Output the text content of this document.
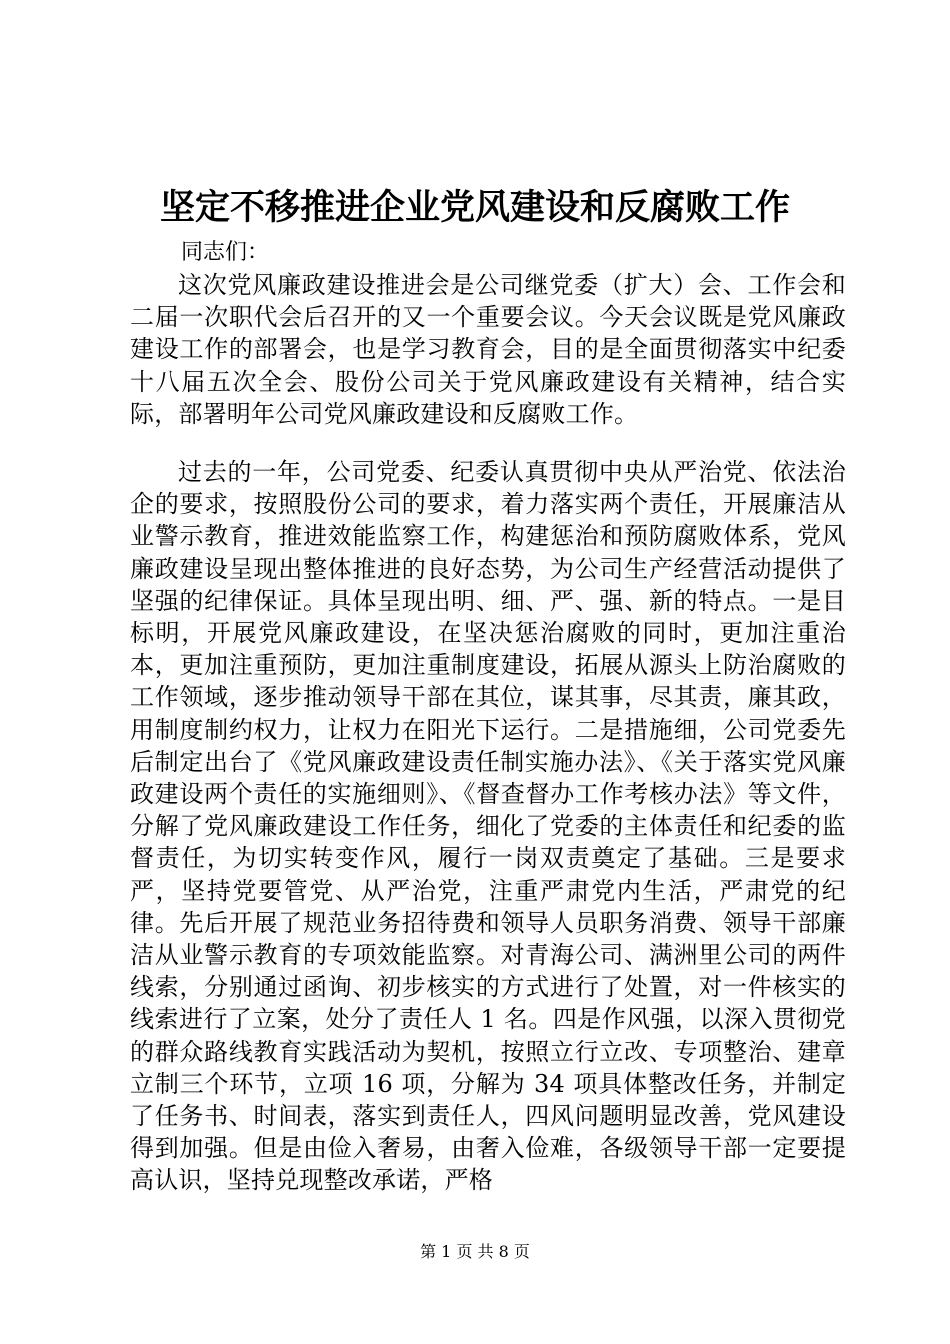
坚定不移推进企业党风建设和反腐败工作

同志们：

这次党风廉政建设推进会是公司继党委（扩大）会、工作会和二届一次职代会后召开的又一个重要会议。今天会议既是党风廉政建设工作的部署会，也是学习教育会，目的是全面贯彻落实中纪委十八届五次全会、股份公司关于党风廉政建设有关精神，结合实际，部署明年公司党风廉政建设和反腐败工作。

过去的一年，公司党委、纪委认真贯彻中央从严治党、依法治企的要求，按照股份公司的要求，着力落实两个责任，开展廉洁从业警示教育，推进效能监察工作，构建惩治和预防腐败体系，党风廉政建设呈现出整体推进的良好态势，为公司生产经营活动提供了坚强的纪律保证。具体呈现出明、细、严、强、新的特点。一是目标明，开展党风廉政建设，在坚决惩治腐败的同时，更加注重治本，更加注重预防，更加注重制度建设，拓展从源头上防治腐败的工作领域，逐步推动领导干部在其位，谋其事，尽其责，廉其政，用制度制约权力，让权力在阳光下运行。二是措施细，公司党委先后制定出台了《党风廉政建设责任制实施办法》、《关于落实党风廉政建设两个责任的实施细则》、《督查督办工作考核办法》等文件，分解了党风廉政建设工作任务，细化了党委的主体责任和纪委的监督责任，为切实转变作风，履行一岗双责奠定了基础。三是要求严，坚持党要管党、从严治党，注重严肃党内生活，严肃党的纪律。先后开展了规范业务招待费和领导人员职务消费、领导干部廉洁从业警示教育的专项效能监察。对青海公司、满洲里公司的两件线索，分别通过函询、初步核实的方式进行了处置，对一件核实的线索进行了立案，处分了责任人 1 名。四是作风强，以深入贯彻党的群众路线教育实践活动为契机，按照立行立改、专项整治、建章立制三个环节，立项 16 项，分解为 34 项具体整改任务，并制定了任务书、时间表，落实到责任人，四风问题明显改善，党风建设得到加强。但是由俭入奢易，由奢入俭难，各级领导干部一定要提高认识，坚持兑现整改承诺，严格

第 1 页 共 8 页
